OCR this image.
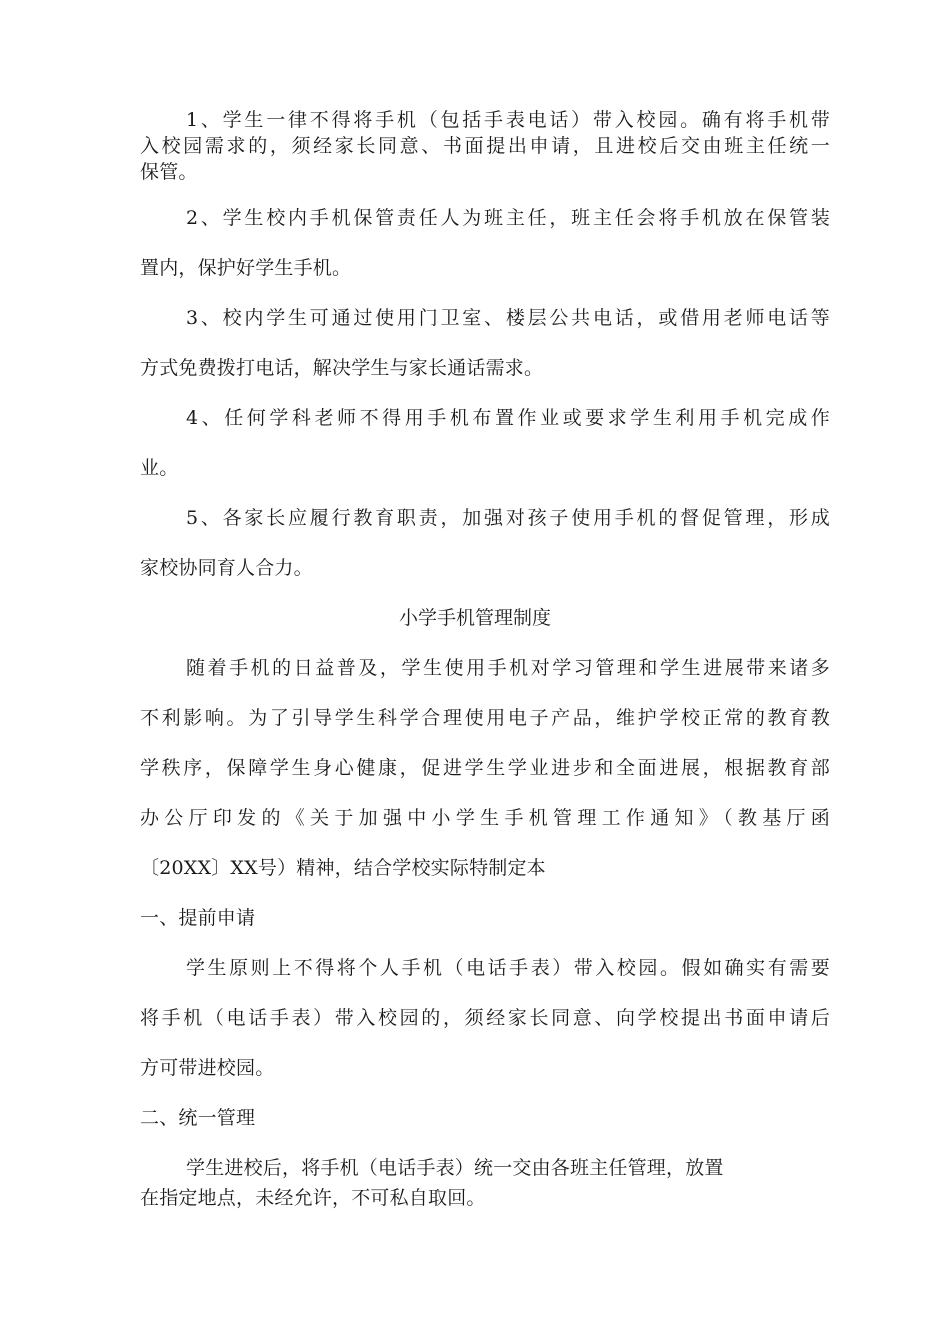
1、学生一律不得将手机（包括手表电话）带入校园。确有将手机带
入校园需求的，须经家长同意、书面提出申请，且进校后交由班主任统一
保管。
2、学生校内手机保管责任人为班主任，班主任会将手机放在保管装
置内，保护好学生手机。
3、校内学生可通过使用门卫室、楼层公共电话，或借用老师电话等
方式免费拨打电话，解决学生与家长通话需求。
4、任何学科老师不得用手机布置作业或要求学生利用手机完成作
业。
5、各家长应履行教育职责，加强对孩子使用手机的督促管理，形成
家校协同育人合力。
小学手机管理制度
随着手机的日益普及，学生使用手机对学习管理和学生进展带来诸多
不利影响。为了引导学生科学合理使用电子产品，维护学校正常的教育教
学秩序，保障学生身心健康，促进学生学业进步和全面进展，根据教育部
办公厅印发的《关于加强中小学生手机管理工作通知》（教基厅函
〔20XX〕XX号）精神，结合学校实际特制定本
一、提前申请
学生原则上不得将个人手机（电话手表）带入校园。假如确实有需要
将手机（电话手表）带入校园的，须经家长同意、向学校提出书面申请后
方可带进校园。
二、统一管理
学生进校后，将手机（电话手表）统一交由各班主任管理，放置
在指定地点，未经允许，不可私自取回。
